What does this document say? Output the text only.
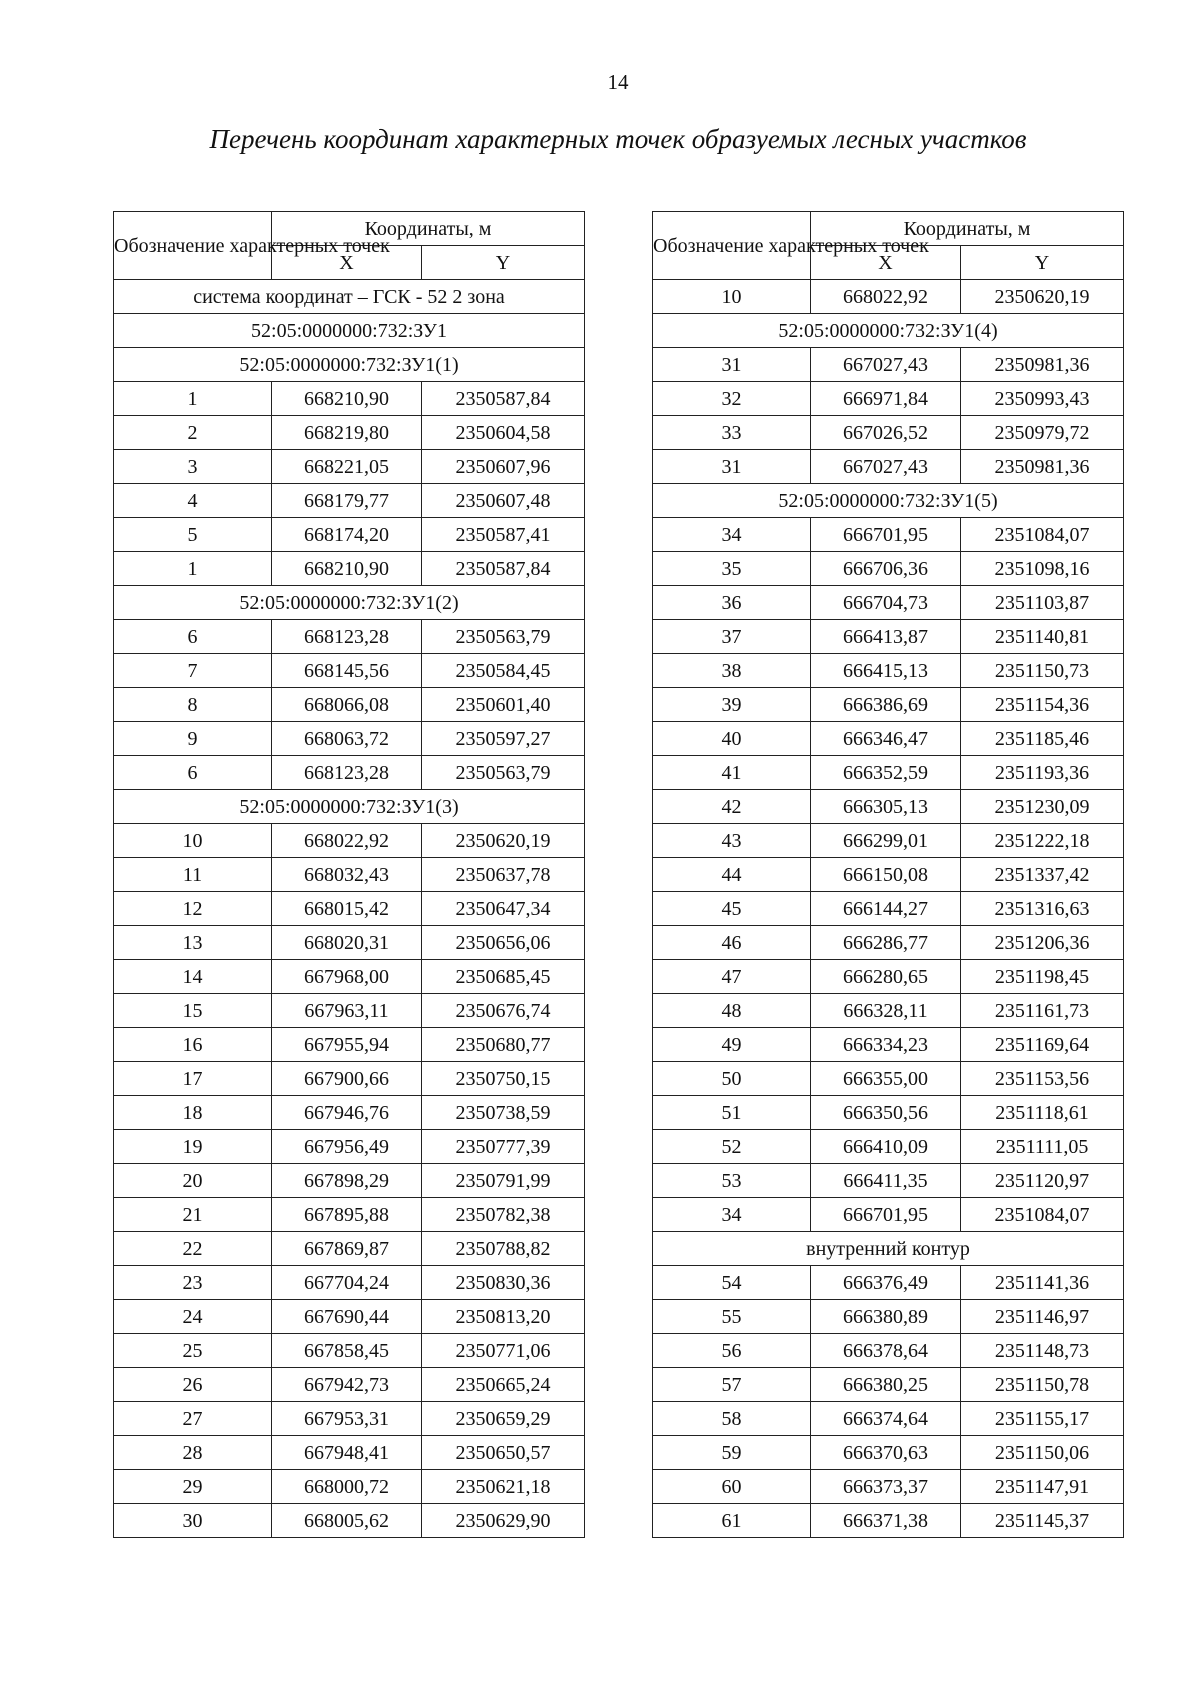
14
Перечень координат характерных точек образуемых лесных участков
Обозначение характерных точек	Координаты, м	
	X	Y
система координат – ГСК - 52 2 зона		
52:05:0000000:732:ЗУ1		
52:05:0000000:732:ЗУ1(1)		
1	668210,90	2350587,84
2	668219,80	2350604,58
3	668221,05	2350607,96
4	668179,77	2350607,48
5	668174,20	2350587,41
1	668210,90	2350587,84
52:05:0000000:732:ЗУ1(2)		
6	668123,28	2350563,79
7	668145,56	2350584,45
8	668066,08	2350601,40
9	668063,72	2350597,27
6	668123,28	2350563,79
52:05:0000000:732:ЗУ1(3)		
10	668022,92	2350620,19
11	668032,43	2350637,78
12	668015,42	2350647,34
13	668020,31	2350656,06
14	667968,00	2350685,45
15	667963,11	2350676,74
16	667955,94	2350680,77
17	667900,66	2350750,15
18	667946,76	2350738,59
19	667956,49	2350777,39
20	667898,29	2350791,99
21	667895,88	2350782,38
22	667869,87	2350788,82
23	667704,24	2350830,36
24	667690,44	2350813,20
25	667858,45	2350771,06
26	667942,73	2350665,24
27	667953,31	2350659,29
28	667948,41	2350650,57
29	668000,72	2350621,18
30	668005,62	2350629,90
Обозначение характерных точек	Координаты, м	
	X	Y
10	668022,92	2350620,19
52:05:0000000:732:ЗУ1(4)		
31	667027,43	2350981,36
32	666971,84	2350993,43
33	667026,52	2350979,72
31	667027,43	2350981,36
52:05:0000000:732:ЗУ1(5)		
34	666701,95	2351084,07
35	666706,36	2351098,16
36	666704,73	2351103,87
37	666413,87	2351140,81
38	666415,13	2351150,73
39	666386,69	2351154,36
40	666346,47	2351185,46
41	666352,59	2351193,36
42	666305,13	2351230,09
43	666299,01	2351222,18
44	666150,08	2351337,42
45	666144,27	2351316,63
46	666286,77	2351206,36
47	666280,65	2351198,45
48	666328,11	2351161,73
49	666334,23	2351169,64
50	666355,00	2351153,56
51	666350,56	2351118,61
52	666410,09	2351111,05
53	666411,35	2351120,97
34	666701,95	2351084,07
внутренний контур		
54	666376,49	2351141,36
55	666380,89	2351146,97
56	666378,64	2351148,73
57	666380,25	2351150,78
58	666374,64	2351155,17
59	666370,63	2351150,06
60	666373,37	2351147,91
61	666371,38	2351145,37
